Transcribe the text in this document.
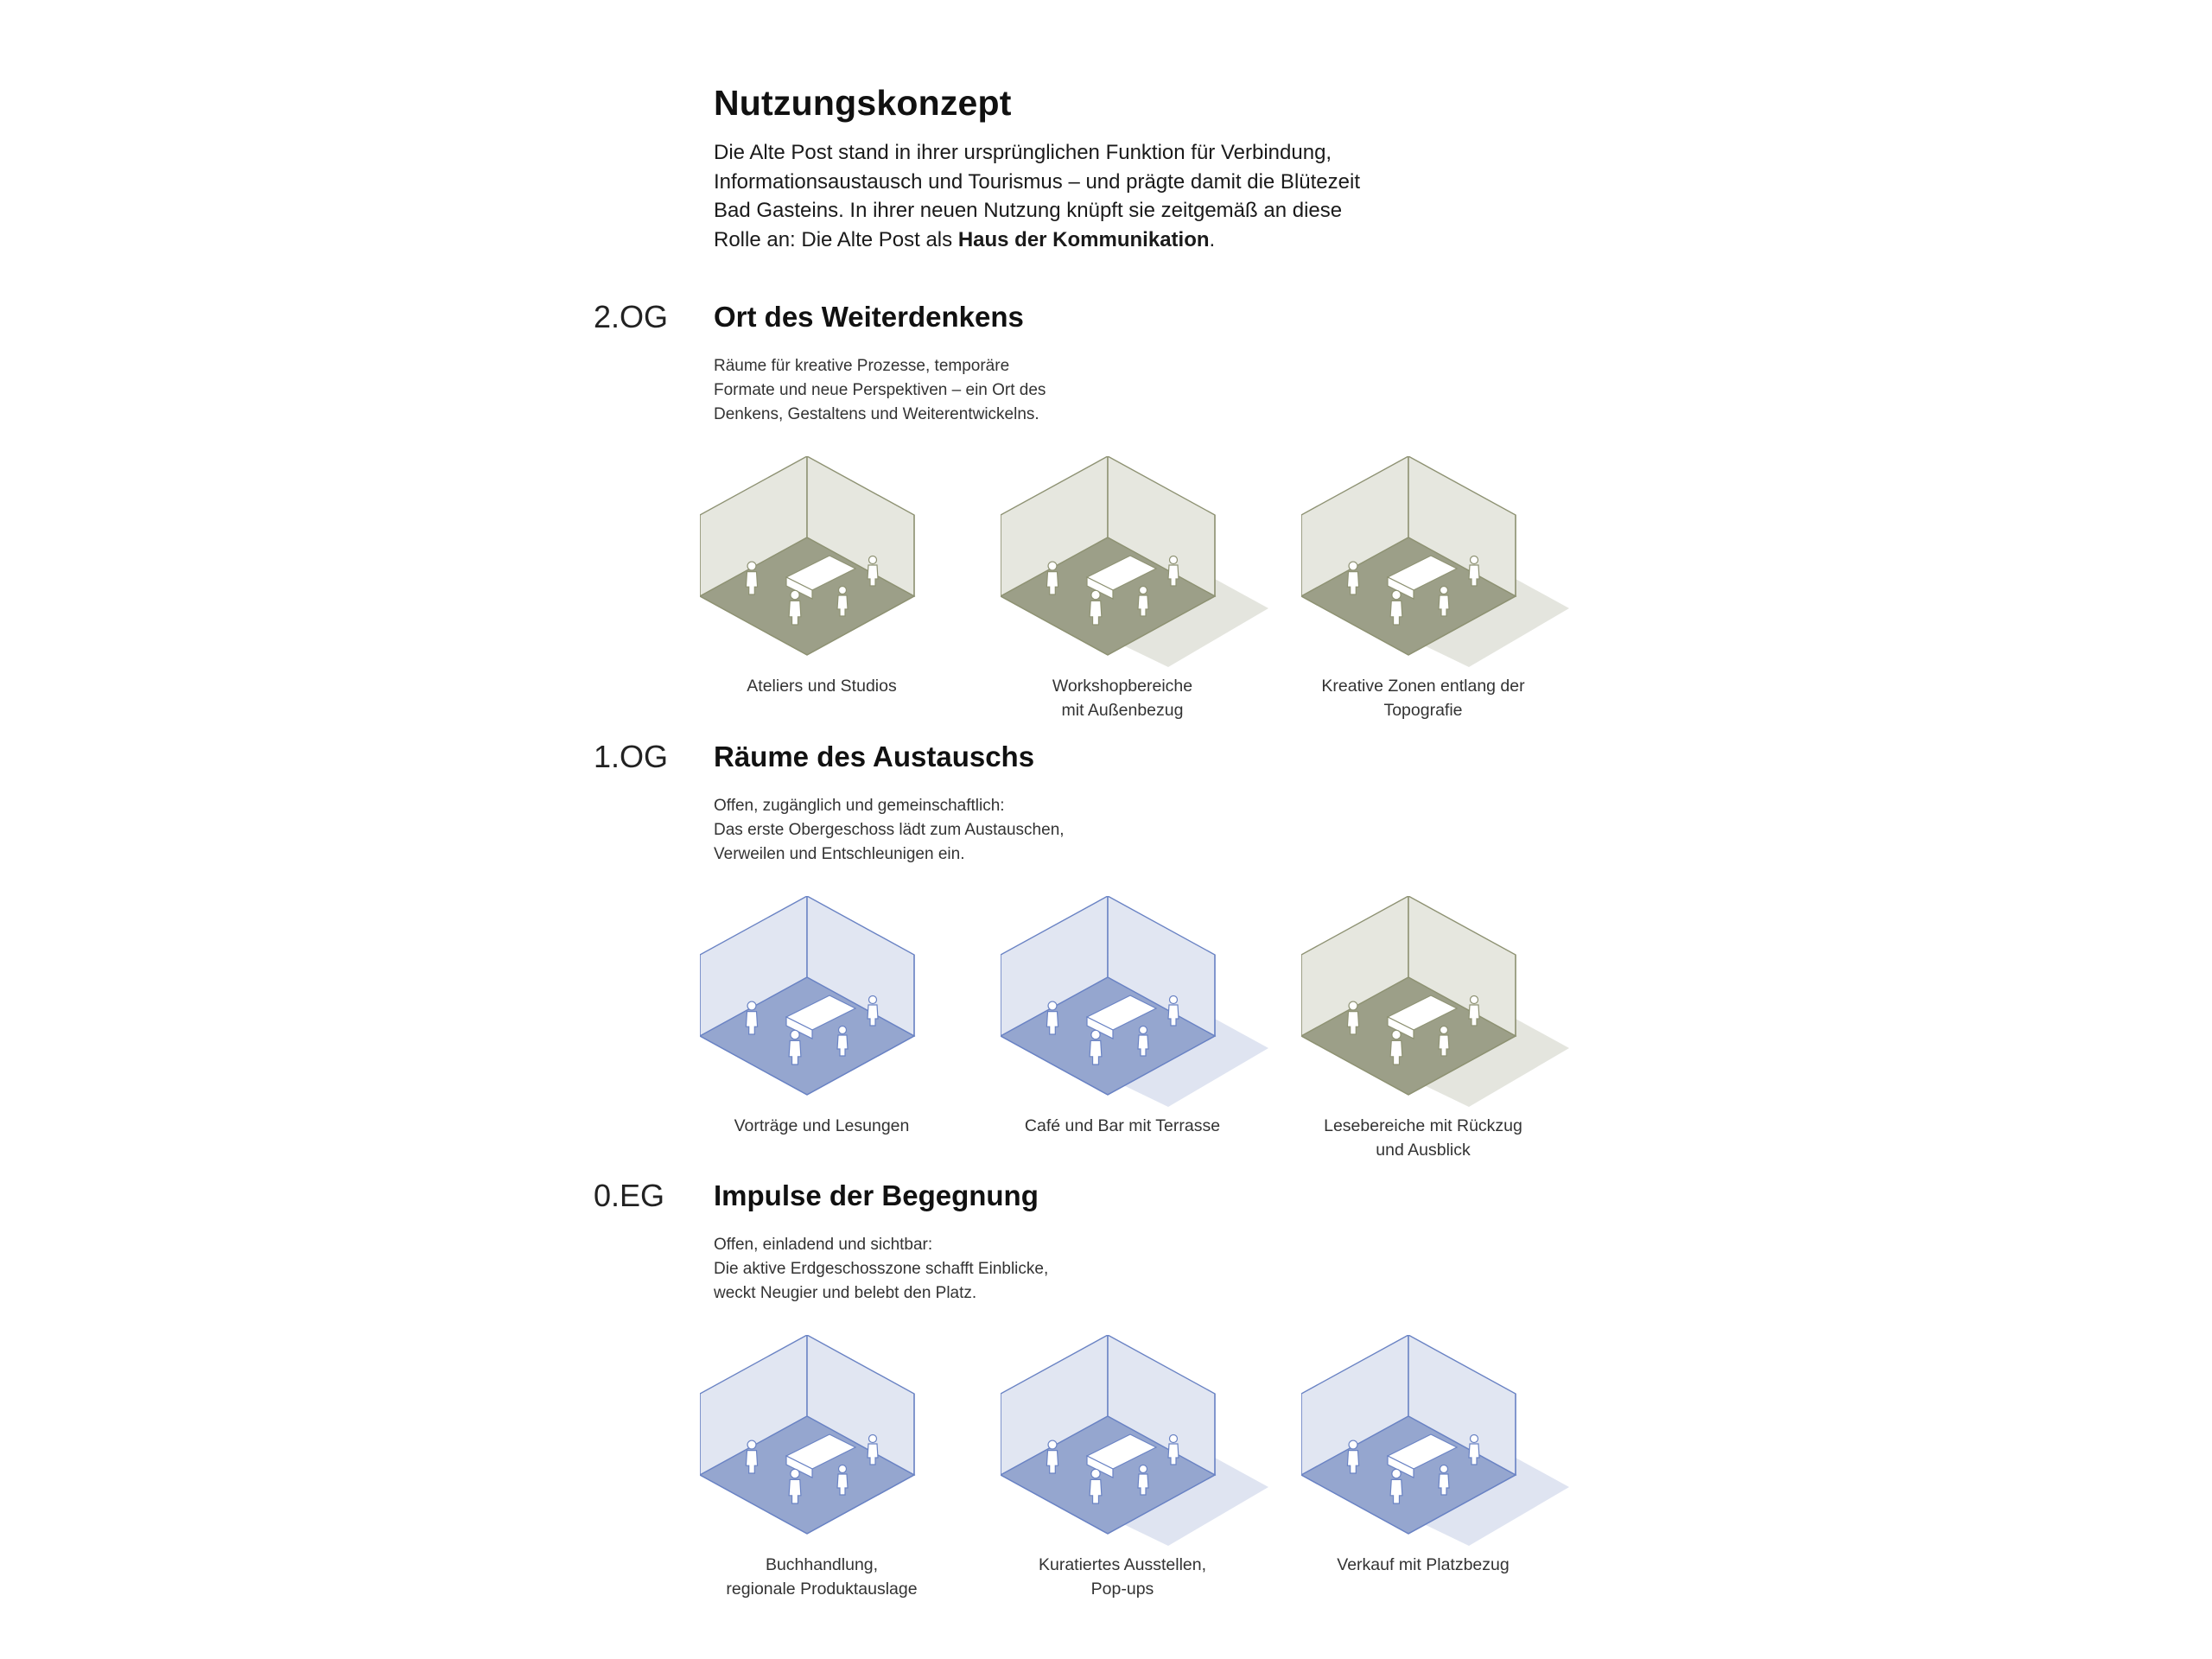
Nutzungskonzept

Die Alte Post stand in ihrer ursprünglichen Funktion für Verbindung,
Informationsaustausch und Tourismus – und prägte damit die Blütezeit
Bad Gasteins. In ihrer neuen Nutzung knüpft sie zeitgemäß an diese
Rolle an: Die Alte Post als Haus der Kommunikation.

2.OG Ort des Weiterdenkens

Räume für kreative Prozesse, temporäre
Formate und neue Perspektiven – ein Ort des
Denkens, Gestaltens und Weiterentwickelns.

Ateliers und Studios	Workshopbereiche
mit Außenbezug

Kreative Zonen entlang der
Topografie

1.OG Räume des Austauschs

Offen, zugänglich und gemeinschaftlich:
Das erste Obergeschoss lädt zum Austauschen,
Verweilen und Entschleunigen ein.

Vorträge und Lesungen	Café und Bar mit Terrasse	Lesebereiche mit Rückzug
und Ausblick

0.EG Impulse der Begegnung

Offen, einladend und sichtbar:
Die aktive Erdgeschosszone schafft Einblicke,
weckt Neugier und belebt den Platz.

Buchhandlung,
regionale Produktauslage

Kuratiertes Ausstellen,
Pop-ups

Verkauf mit Platzbezug
